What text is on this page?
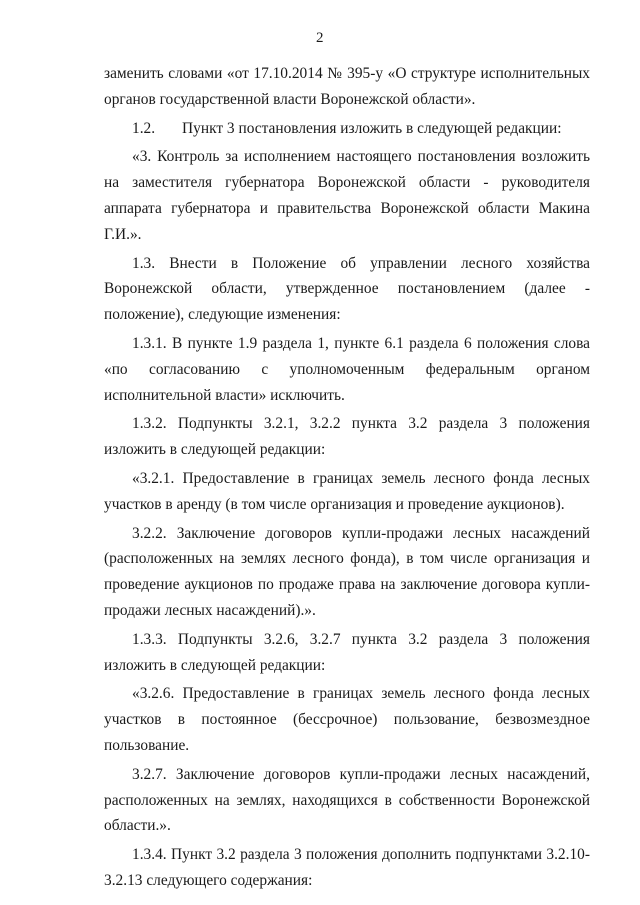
2

заменить словами «от 17.10.2014 № 395-у «О структуре исполнительных органов государственной власти Воронежской области».

1.2.       Пункт 3 постановления изложить в следующей редакции:

«3. Контроль за исполнением настоящего постановления возложить на заместителя губернатора Воронежской области - руководителя аппарата губернатора и правительства Воронежской области Макина Г.И.».

1.3. Внести в Положение об управлении лесного хозяйства Воронежской области, утвержденное постановлением (далее - положение), следующие изменения:

1.3.1. В пункте 1.9 раздела 1, пункте 6.1 раздела 6 положения слова «по согласованию с уполномоченным федеральным органом исполнительной власти» исключить.

1.3.2. Подпункты 3.2.1, 3.2.2 пункта 3.2 раздела 3 положения изложить в следующей редакции:

«3.2.1. Предоставление в границах земель лесного фонда лесных участков в аренду (в том числе организация и проведение аукционов).

3.2.2. Заключение договоров купли-продажи лесных насаждений (расположенных на землях лесного фонда), в том числе организация и проведение аукционов по продаже права на заключение договора купли-продажи лесных насаждений).».

1.3.3. Подпункты 3.2.6, 3.2.7 пункта 3.2 раздела 3 положения изложить в следующей редакции:

«3.2.6. Предоставление в границах земель лесного фонда лесных участков в постоянное (бессрочное) пользование, безвозмездное пользование.

3.2.7. Заключение договоров купли-продажи лесных насаждений, расположенных на землях, находящихся в собственности Воронежской области.».

1.3.4. Пункт 3.2 раздела 3 положения дополнить подпунктами 3.2.10-3.2.13 следующего содержания:
